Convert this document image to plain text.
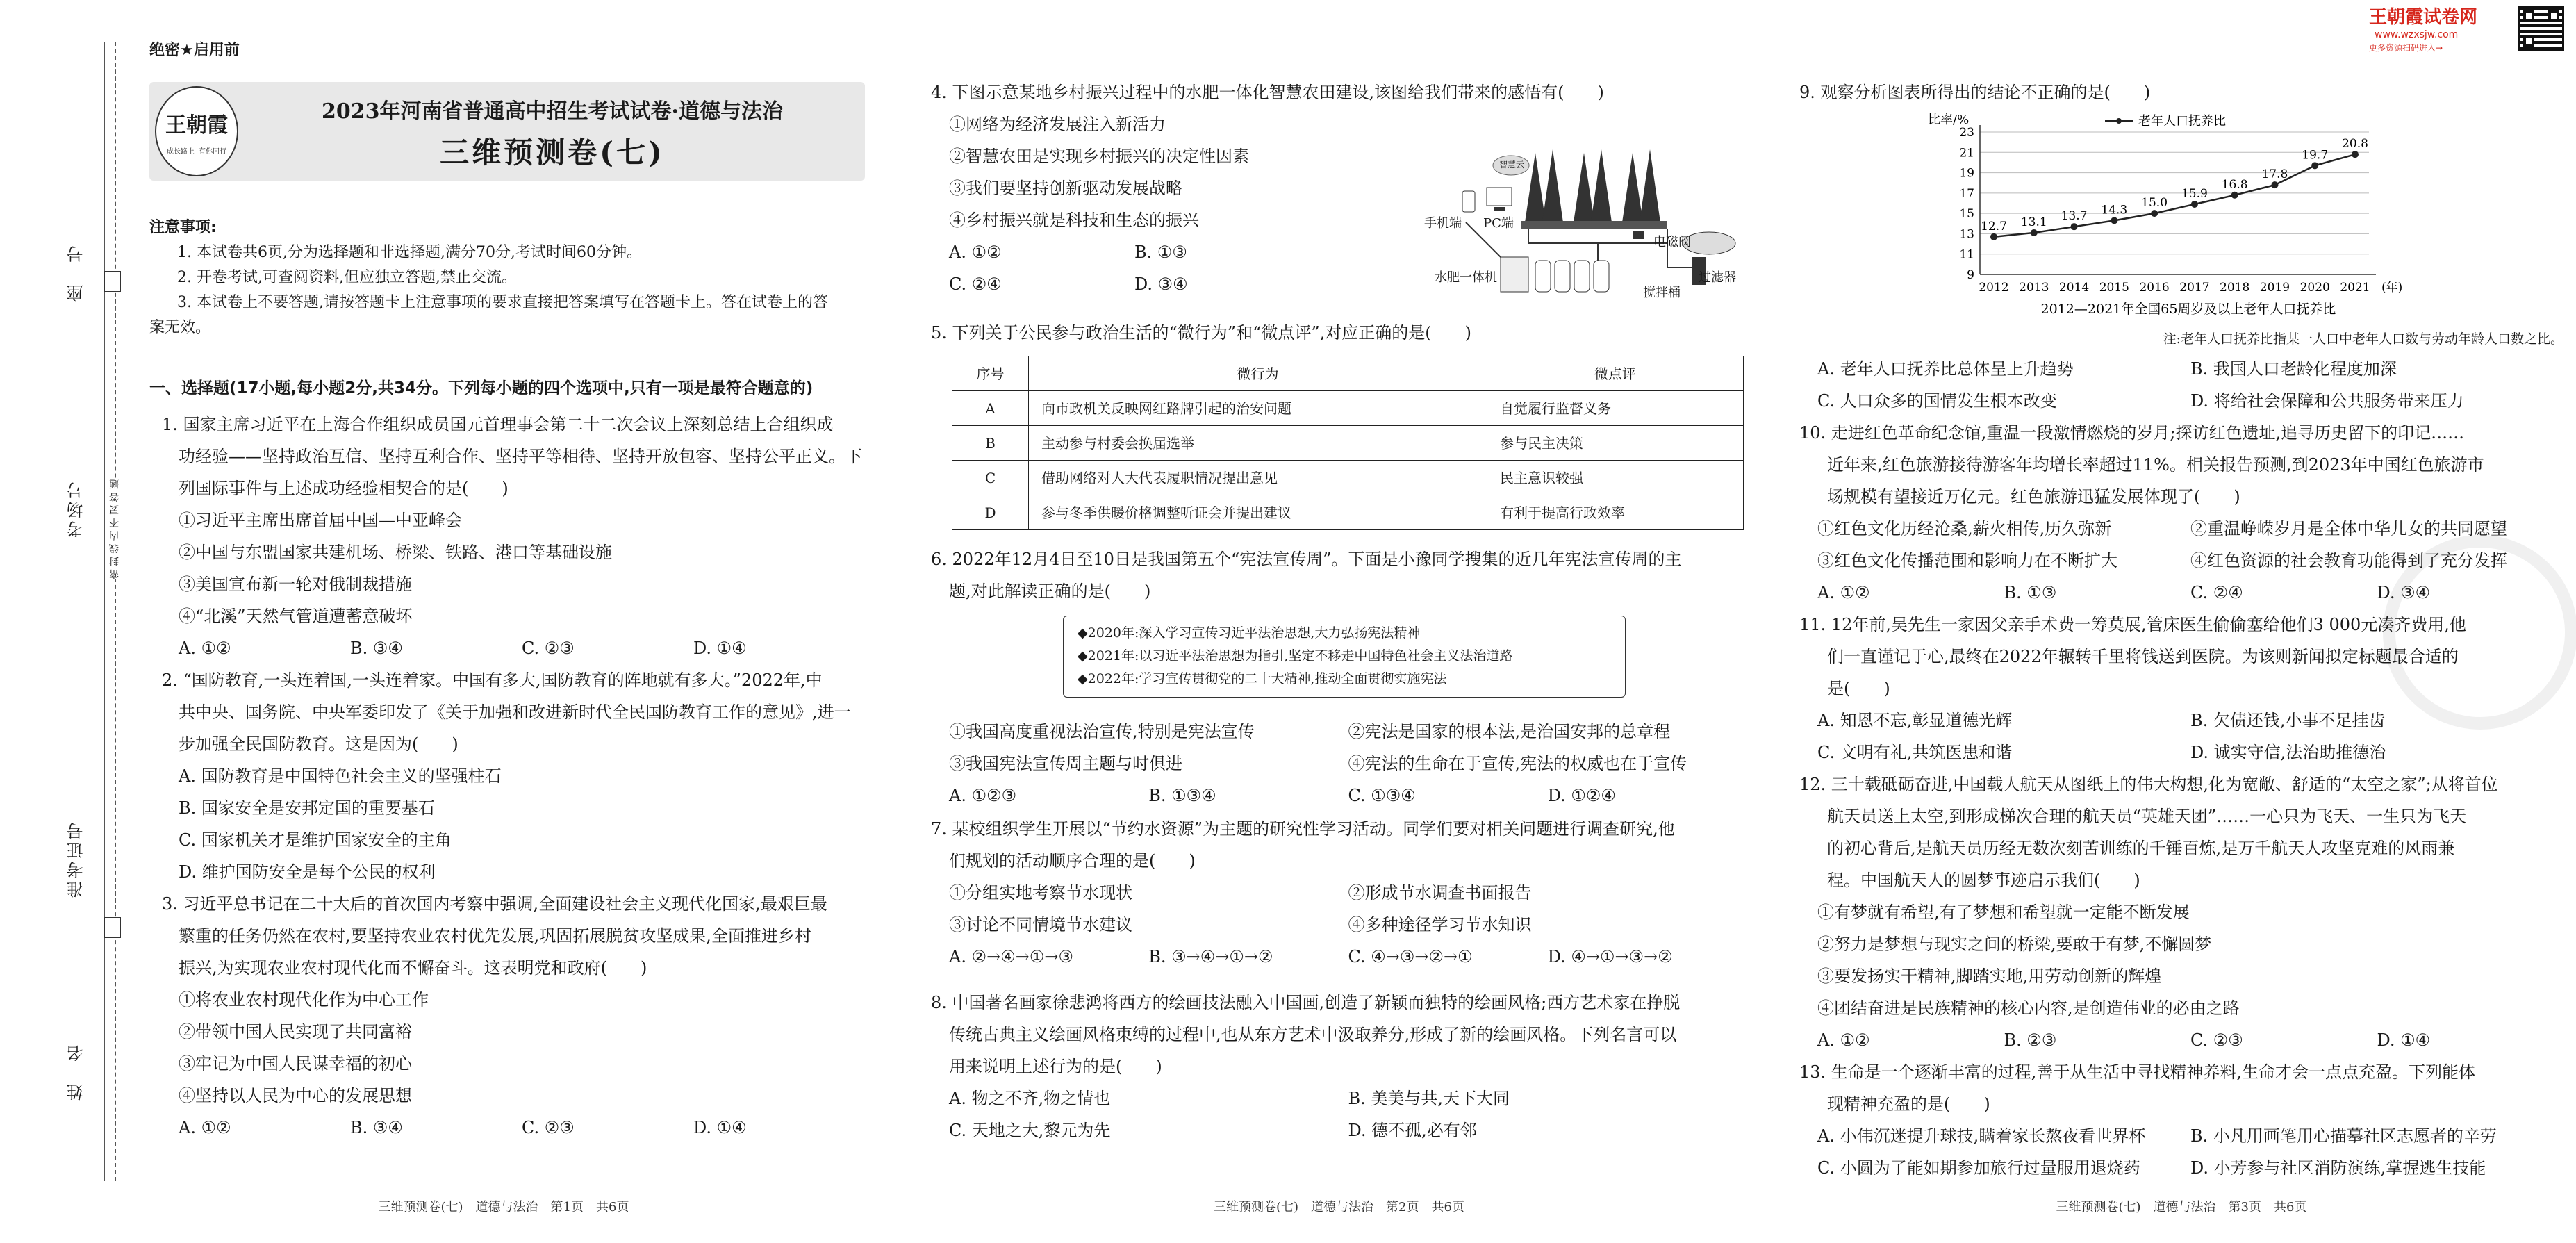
座　号
考场号 密 封 线 内 不 要 答 题
准考证号
姓　名
绝密★启用前
王朝霞
成长路上 有你同行
2023年河南省普通高中招生考试试卷·道德与法治
三维预测卷(七)
注意事项:
1. 本试卷共6页,分为选择题和非选择题,满分70分,考试时间60分钟。
2. 开卷考试,可查阅资料,但应独立答题,禁止交流。
3. 本试卷上不要答题,请按答题卡上注意事项的要求直接把答案填写在答题卡上。答在试卷上的答
案无效。
一、选择题(17小题,每小题2分,共34分。下列每小题的四个选项中,只有一项是最符合题意的)
1. 国家主席习近平在上海合作组织成员国元首理事会第二十二次会议上深刻总结上合组织成
功经验——坚持政治互信、坚持互利合作、坚持平等相待、坚持开放包容、坚持公平正义。下
列国际事件与上述成功经验相契合的是(　　)
①习近平主席出席首届中国—中亚峰会
②中国与东盟国家共建机场、桥梁、铁路、港口等基础设施
③美国宣布新一轮对俄制裁措施
④“北溪”天然气管道遭蓄意破坏
A. ①②	B. ③④	C. ②③	D. ①④
2. “国防教育,一头连着国,一头连着家。中国有多大,国防教育的阵地就有多大。”2022年,中
共中央、国务院、中央军委印发了《关于加强和改进新时代全民国防教育工作的意见》,进一
步加强全民国防教育。这是因为(　　)
A. 国防教育是中国特色社会主义的坚强柱石
B. 国家安全是安邦定国的重要基石
C. 国家机关才是维护国家安全的主角
D. 维护国防安全是每个公民的权利
3. 习近平总书记在二十大后的首次国内考察中强调,全面建设社会主义现代化国家,最艰巨最
繁重的任务仍然在农村,要坚持农业农村优先发展,巩固拓展脱贫攻坚成果,全面推进乡村
振兴,为实现农业农村现代化而不懈奋斗。这表明党和政府(　　)
①将农业农村现代化作为中心工作
②带领中国人民实现了共同富裕
③牢记为中国人民谋幸福的初心
④坚持以人民为中心的发展思想
A. ①②	B. ③④	C. ②③	D. ①④
三维预测卷(七)　道德与法治　第1页　共6页
4. 下图示意某地乡村振兴过程中的水肥一体化智慧农田建设,该图给我们带来的感悟有(　　)
①网络为经济发展注入新活力
②智慧农田是实现乡村振兴的决定性因素
③我们要坚持创新驱动发展战略
④乡村振兴就是科技和生态的振兴
A. ①②	B. ①③
C. ②④	D. ③④
智慧云
手机端 PC端
电磁阀
水肥一体机	过滤器
搅拌桶
5. 下列关于公民参与政治生活的“微行为”和“微点评”,对应正确的是(　　)
序号	微行为	微点评
A	向市政机关反映网红路牌引起的治安问题	自觉履行监督义务
B	主动参与村委会换届选举	参与民主决策
C	借助网络对人大代表履职情况提出意见	民主意识较强
D	参与冬季供暖价格调整听证会并提出建议	有利于提高行政效率
6. 2022年12月4日至10日是我国第五个“宪法宣传周”。下面是小豫同学搜集的近几年宪法宣传周的主
题,对此解读正确的是(　　)
◆2020年:深入学习宣传习近平法治思想,大力弘扬宪法精神
◆2021年:以习近平法治思想为指引,坚定不移走中国特色社会主义法治道路
◆2022年:学习宣传贯彻党的二十大精神,推动全面贯彻实施宪法
①我国高度重视法治宣传,特别是宪法宣传	②宪法是国家的根本法,是治国安邦的总章程
③我国宪法宣传周主题与时俱进	④宪法的生命在于宣传,宪法的权威也在于宣传
A. ①②③	B. ①③④	C. ①③④	D. ①②④
7. 某校组织学生开展以“节约水资源”为主题的研究性学习活动。同学们要对相关问题进行调查研究,他
们规划的活动顺序合理的是(　　)
①分组实地考察节水现状	②形成节水调查书面报告
③讨论不同情境节水建议	④多种途径学习节水知识
A. ②→④→①→③	B. ③→④→①→②	C. ④→③→②→①	D. ④→①→③→②
8. 中国著名画家徐悲鸿将西方的绘画技法融入中国画,创造了新颖而独特的绘画风格;西方艺术家在挣脱
传统古典主义绘画风格束缚的过程中,也从东方艺术中汲取养分,形成了新的绘画风格。下列名言可以
用来说明上述行为的是(　　)
A. 物之不齐,物之情也	B. 美美与共,天下大同
C. 天地之大,黎元为先	D. 德不孤,必有邻
三维预测卷(七)　道德与法治　第2页　共6页
王朝霞试卷网
www.wzxsjw.com
更多资源扫码进入→
9. 观察分析图表所得出的结论不正确的是(　　)
9
11
13
15
17
19
21
23
比率/%	老年人口抚养比
12.7
2012
13.1
2013
13.7
2014
14.3
2015
15.0
2016
15.9
2017
16.8
2018
17.8
2019
19.7
2020
20.8
2021 (年)
2012—2021年全国65周岁及以上老年人口抚养比
注:老年人口抚养比指某一人口中老年人口数与劳动年龄人口数之比。
A. 老年人口抚养比总体呈上升趋势	B. 我国人口老龄化程度加深
C. 人口众多的国情发生根本改变	D. 将给社会保障和公共服务带来压力
10. 走进红色革命纪念馆,重温一段激情燃烧的岁月;探访红色遗址,追寻历史留下的印记……
近年来,红色旅游接待游客年均增长率超过11%。相关报告预测,到2023年中国红色旅游市
场规模有望接近万亿元。红色旅游迅猛发展体现了(　　)
①红色文化历经沧桑,薪火相传,历久弥新	②重温峥嵘岁月是全体中华儿女的共同愿望
③红色文化传播范围和影响力在不断扩大	④红色资源的社会教育功能得到了充分发挥
A. ①②	B. ①③	C. ②④	D. ③④
11. 12年前,吴先生一家因父亲手术费一筹莫展,管床医生偷偷塞给他们3 000元凑齐费用,他
们一直谨记于心,最终在2022年辗转千里将钱送到医院。为该则新闻拟定标题最合适的
是(　　)
A. 知恩不忘,彰显道德光辉	B. 欠债还钱,小事不足挂齿
C. 文明有礼,共筑医患和谐	D. 诚实守信,法治助推德治
12. 三十载砥砺奋进,中国载人航天从图纸上的伟大构想,化为宽敞、舒适的“太空之家”;从将首位
航天员送上太空,到形成梯次合理的航天员“英雄天团”……一心只为飞天、一生只为飞天
的初心背后,是航天员历经无数次刻苦训练的千锤百炼,是万千航天人攻坚克难的风雨兼
程。中国航天人的圆梦事迹启示我们(　　)
①有梦就有希望,有了梦想和希望就一定能不断发展
②努力是梦想与现实之间的桥梁,要敢于有梦,不懈圆梦
③要发扬实干精神,脚踏实地,用劳动创新的辉煌
④团结奋进是民族精神的核心内容,是创造伟业的必由之路
A. ①②	B. ②③	C. ②③	D. ①④
13. 生命是一个逐渐丰富的过程,善于从生活中寻找精神养料,生命才会一点点充盈。下列能体
现精神充盈的是(　　)
A. 小伟沉迷提升球技,瞒着家长熬夜看世界杯	B. 小凡用画笔用心描摹社区志愿者的辛劳
C. 小圆为了能如期参加旅行过量服用退烧药	D. 小芳参与社区消防演练,掌握逃生技能
三维预测卷(七)　道德与法治　第3页　共6页
